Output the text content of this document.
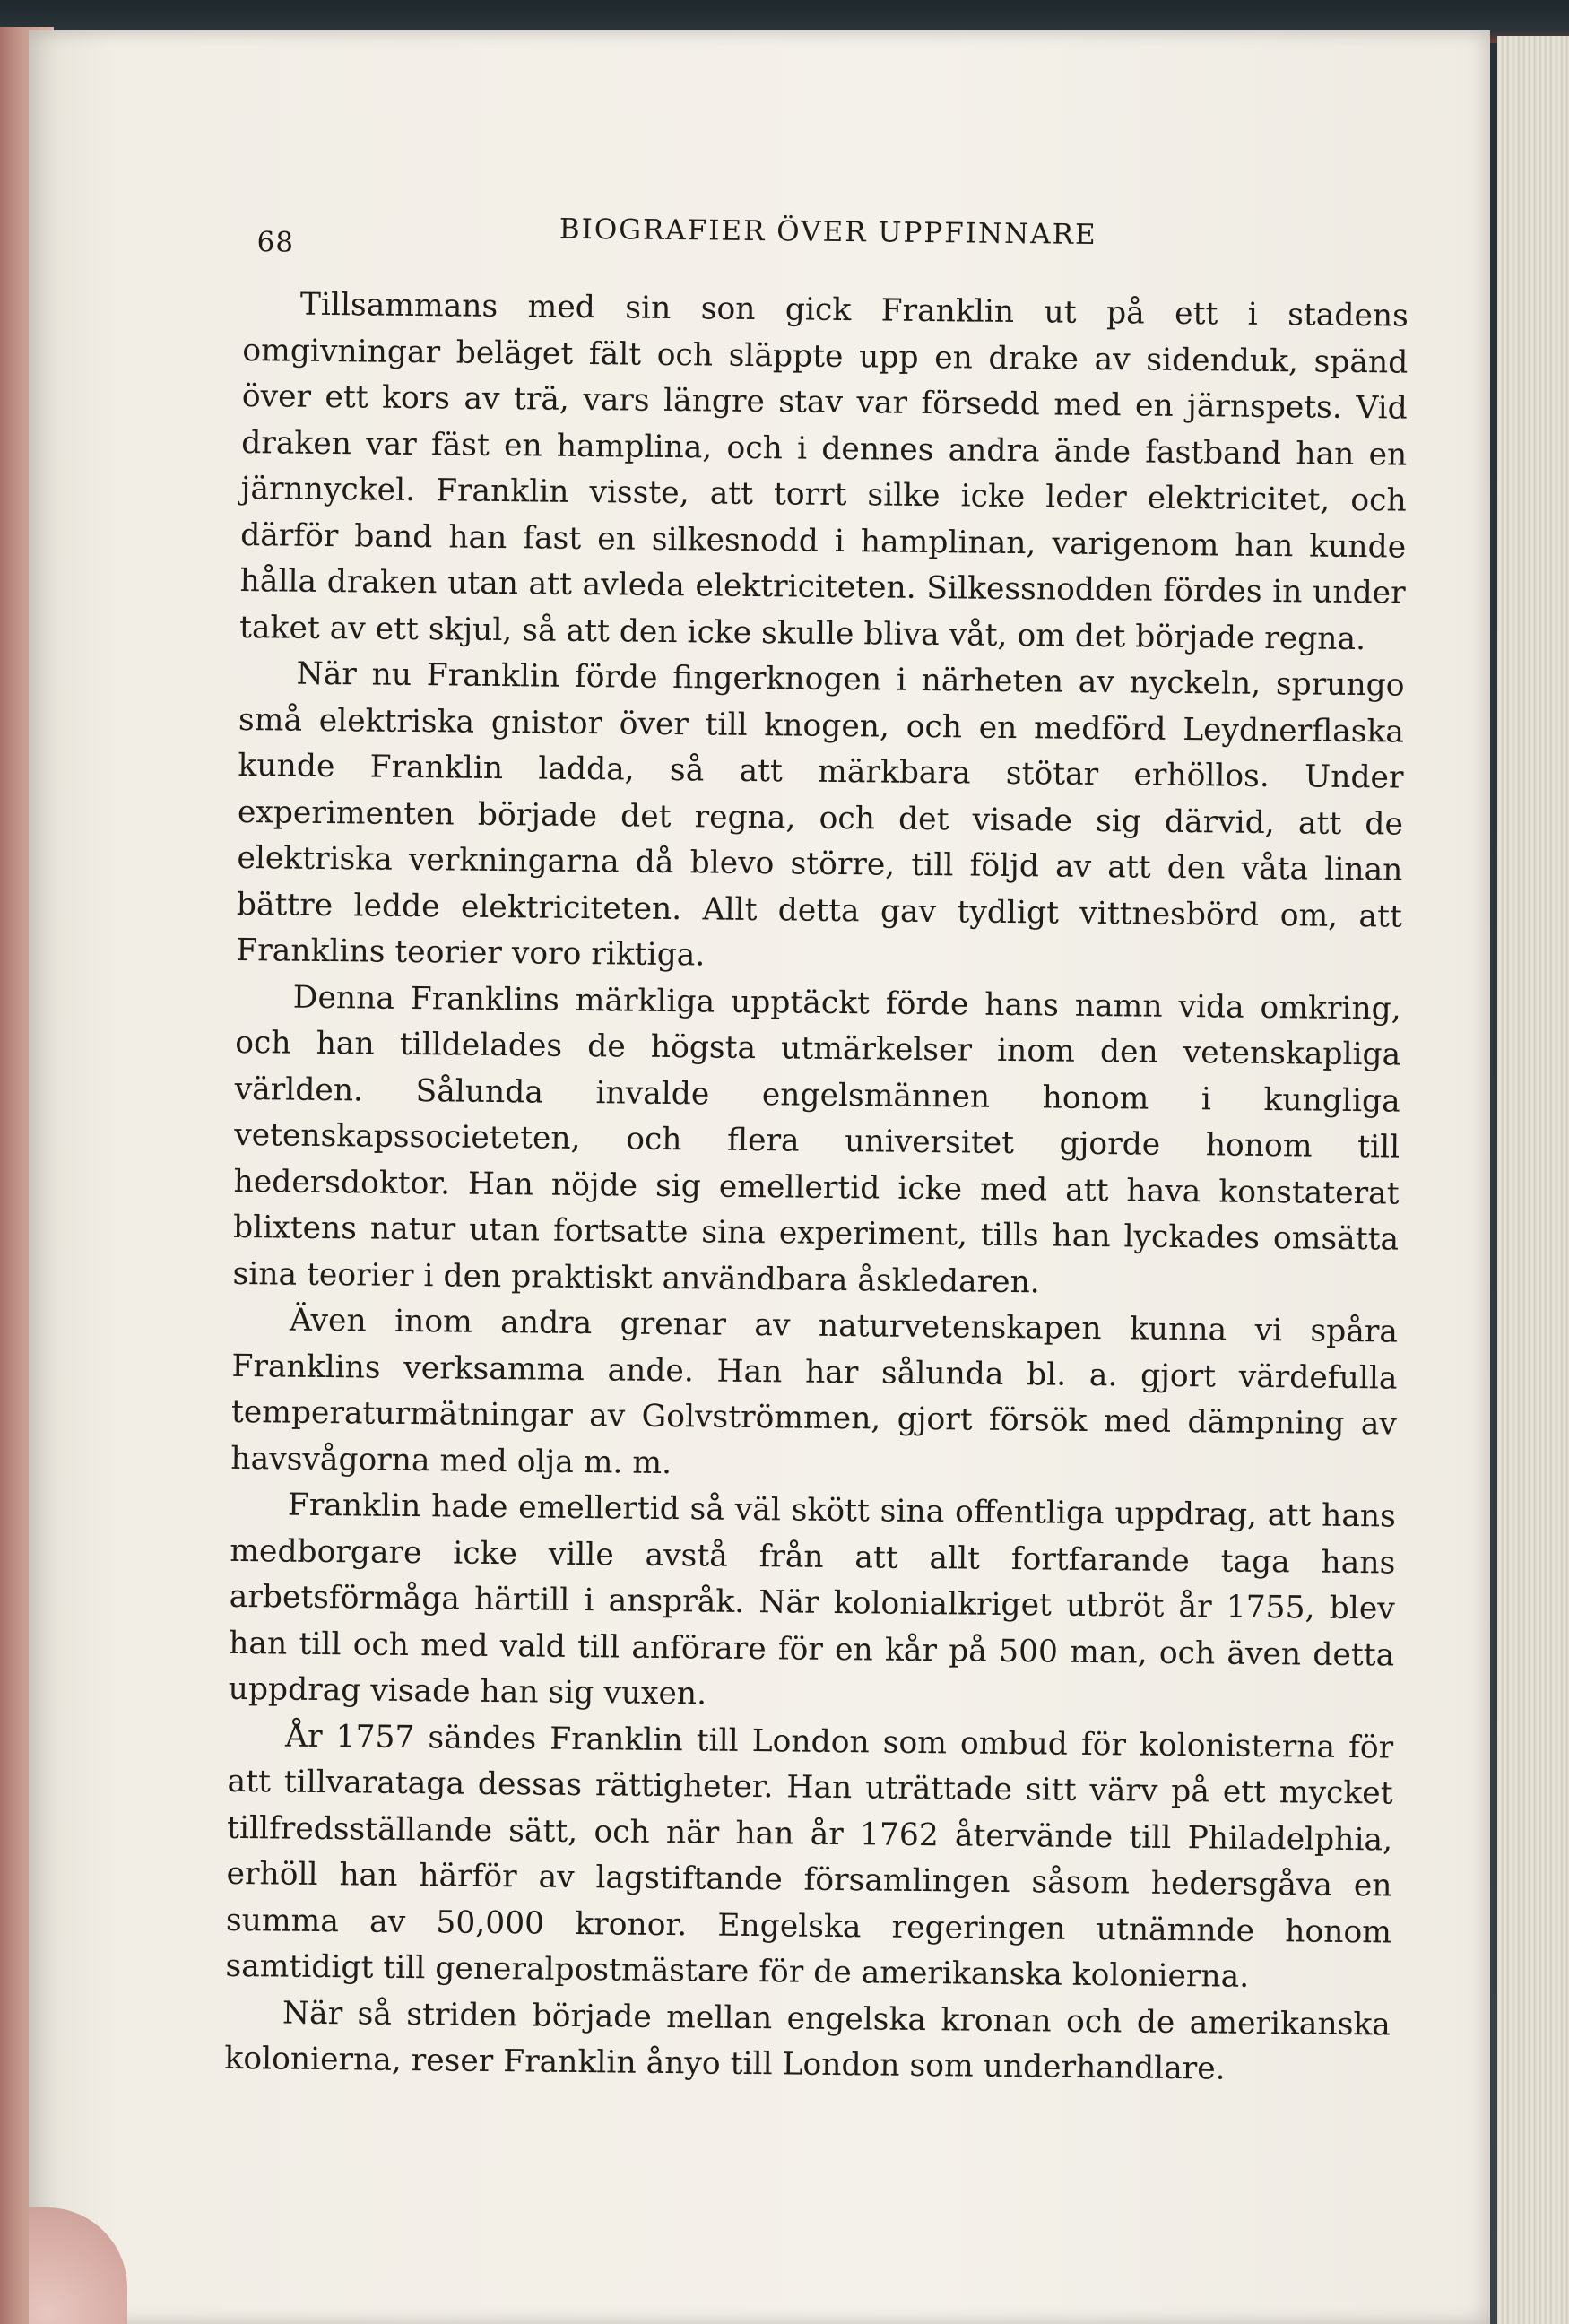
68	BIOGRAFIER ÖVER UPPFINNARE

Tillsammans med sin son gick Franklin ut på ett i stadens omgivningar beläget fält och släppte upp en drake av sidenduk, spänd över ett kors av trä, vars längre stav var försedd med en järnspets. Vid draken var fäst en hamplina, och i dennes andra ände fastband han en järnnyckel. Franklin visste, att torrt silke icke leder elektricitet, och därför band han fast en silkesnodd i hamplinan, varigenom han kunde hålla draken utan att avleda elektriciteten. Silkessnodden fördes in under taket av ett skjul, så att den icke skulle bliva våt, om det började regna.

När nu Franklin förde fingerknogen i närheten av nyckeln, sprungo små elektriska gnistor över till knogen, och en medförd Leydnerflaska kunde Franklin ladda, så att märkbara stötar erhöllos. Under experimenten började det regna, och det visade sig därvid, att de elektriska verkningarna då blevo större, till följd av att den våta linan bättre ledde elektriciteten. Allt detta gav tydligt vittnesbörd om, att Franklins teorier voro riktiga.

Denna Franklins märkliga upptäckt förde hans namn vida omkring, och han tilldelades de högsta utmärkelser inom den vetenskapliga världen. Sålunda invalde engelsmännen honom i kungliga vetenskapssocieteten, och flera universitet gjorde honom till hedersdoktor. Han nöjde sig emellertid icke med att hava konstaterat blixtens natur utan fortsatte sina experiment, tills han lyckades omsätta sina teorier i den praktiskt användbara åskledaren.

Även inom andra grenar av naturvetenskapen kunna vi spåra Franklins verksamma ande. Han har sålunda bl. a. gjort värdefulla temperaturmätningar av Golvströmmen, gjort försök med dämpning av havsvågorna med olja m. m.

Franklin hade emellertid så väl skött sina offentliga uppdrag, att hans medborgare icke ville avstå från att allt fortfarande taga hans arbetsförmåga härtill i anspråk. När kolonialkriget utbröt år 1755, blev han till och med vald till anförare för en kår på 500 man, och även detta uppdrag visade han sig vuxen.

År 1757 sändes Franklin till London som ombud för kolonisterna för att tillvaratagа dessas rättigheter. Han uträttade sitt värv på ett mycket tillfredsställande sätt, och när han år 1762 återvände till Philadelphia, erhöll han härför av lagstiftande församlingen såsom hedersgåva en summa av 50,000 kronor. Engelska regeringen utnämnde honom samtidigt till generalpostmästare för de amerikanska kolonierna.

När så striden började mellan engelska kronan och de amerikanska kolonierna, reser Franklin ånyo till London som underhandlare.
